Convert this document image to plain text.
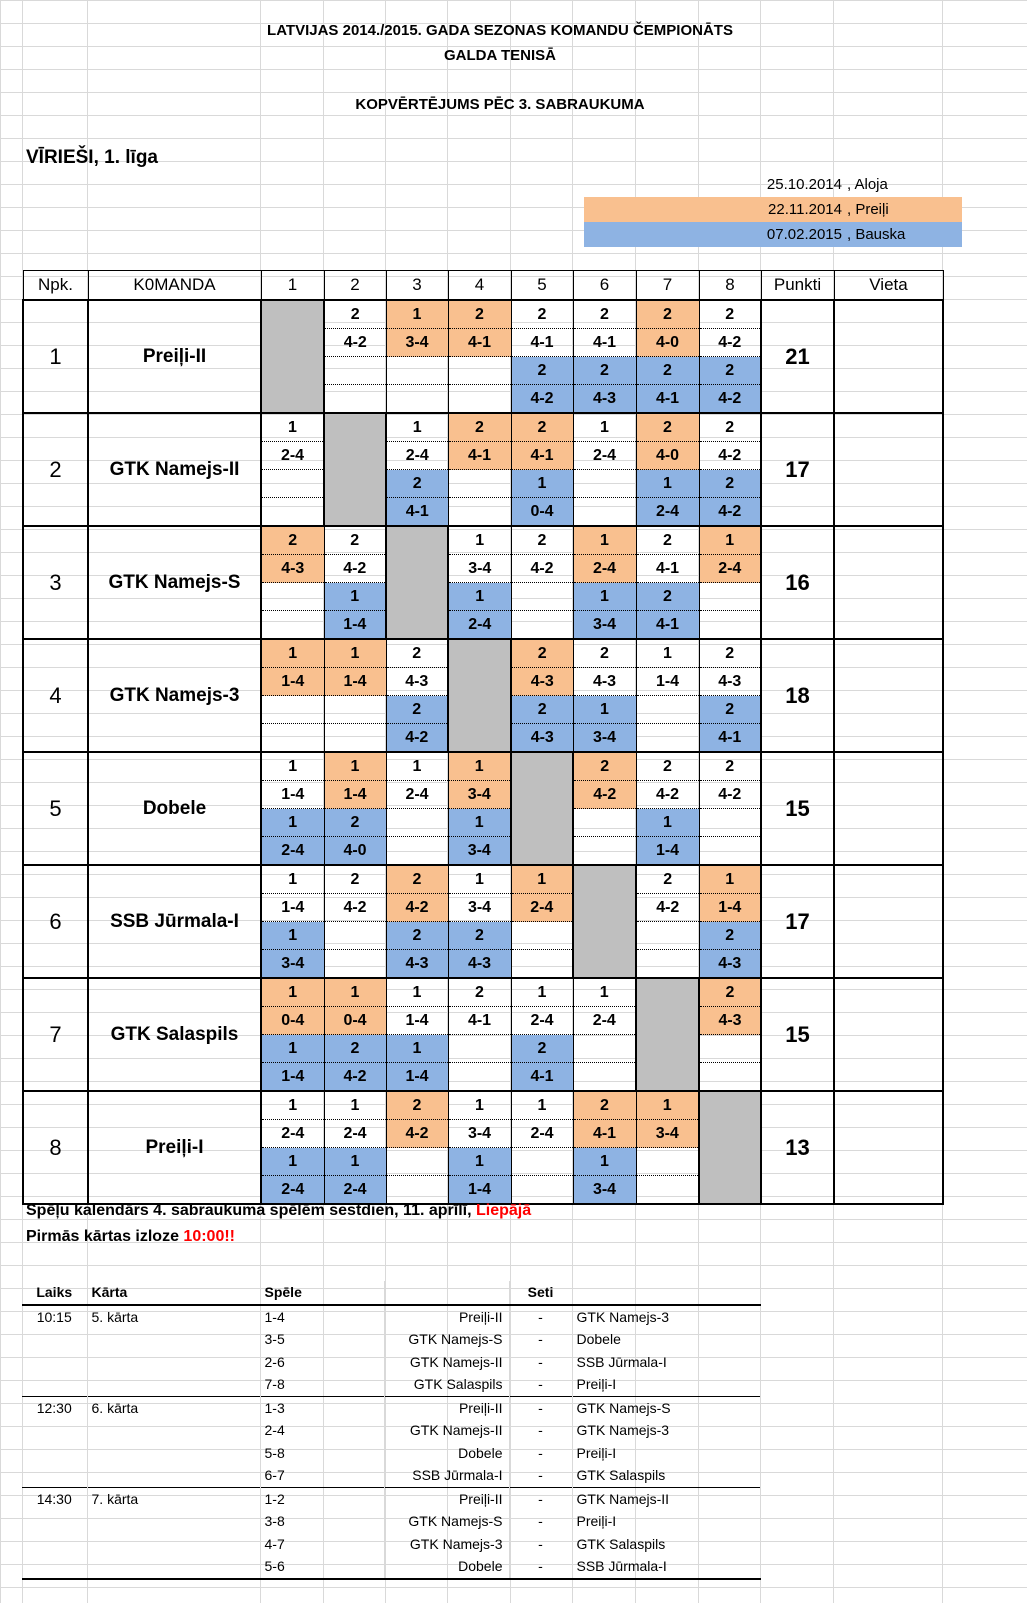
LATVIJAS 2014./2015. GADA SEZONAS KOMANDU ČEMPIONĀTS
GALDA TENISĀ
KOPVĒRTĒJUMS PĒC 3. SABRAUKUMA
VĪRIEŠI, 1. līga
25.10.2014 , Aloja
22.11.2014 , Preiļi
07.02.2015 , Bauska
Npk.	K0MANDA	1	2	3	4	5	6	7	8	Punkti	Vieta
1	Preiļi-II		2	1	2	2	2	2	2	21	
			4-2	3-4	4-1	4-1	4-1	4-0	4-2		
						2	2	2	2		
						4-2	4-3	4-1	4-2		
2	GTK Namejs-II	1		1	2	2	1	2	2	17	
		2-4		2-4	4-1	4-1	2-4	4-0	4-2		
				2		1		1	2		
				4-1		0-4		2-4	4-2		
3	GTK Namejs-S	2	2		1	2	1	2	1	16	
		4-3	4-2		3-4	4-2	2-4	4-1	2-4		
			1		1		1	2			
			1-4		2-4		3-4	4-1			
4	GTK Namejs-3	1	1	2		2	2	1	2	18	
		1-4	1-4	4-3		4-3	4-3	1-4	4-3		
				2		2	1		2		
				4-2		4-3	3-4		4-1		
5	Dobele	1	1	1	1		2	2	2	15	
		1-4	1-4	2-4	3-4		4-2	4-2	4-2		
		1	2		1			1			
		2-4	4-0		3-4			1-4			
6	SSB Jūrmala-I	1	2	2	1	1		2	1	17	
		1-4	4-2	4-2	3-4	2-4		4-2	1-4		
		1		2	2				2		
		3-4		4-3	4-3				4-3		
7	GTK Salaspils	1	1	1	2	1	1		2	15	
		0-4	0-4	1-4	4-1	2-4	2-4		4-3		
		1	2	1		2					
		1-4	4-2	1-4		4-1					
8	Preiļi-I	1	1	2	1	1	2	1		13	
		2-4	2-4	4-2	3-4	2-4	4-1	3-4			
		1	1		1		1				
		2-4	2-4		1-4		3-4				
Spēļu kalendārs 4. sabraukuma spēlēm sestdien, 11. aprīlī, Liepājā
Pirmās kārtas izloze 10:00!!
Laiks	Kārta	Spēle		Seti	
10:15	5. kārta	1-4	Preiļi-II	-	GTK Namejs-3
		3-5	GTK Namejs-S	-	Dobele
		2-6	GTK Namejs-II	-	SSB Jūrmala-I
		7-8	GTK Salaspils	-	Preiļi-I
12:30	6. kārta	1-3	Preiļi-II	-	GTK Namejs-S
		2-4	GTK Namejs-II	-	GTK Namejs-3
		5-8	Dobele	-	Preiļi-I
		6-7	SSB Jūrmala-I	-	GTK Salaspils
14:30	7. kārta	1-2	Preiļi-II	-	GTK Namejs-II
		3-8	GTK Namejs-S	-	Preiļi-I
		4-7	GTK Namejs-3	-	GTK Salaspils
		5-6	Dobele	-	SSB Jūrmala-I
